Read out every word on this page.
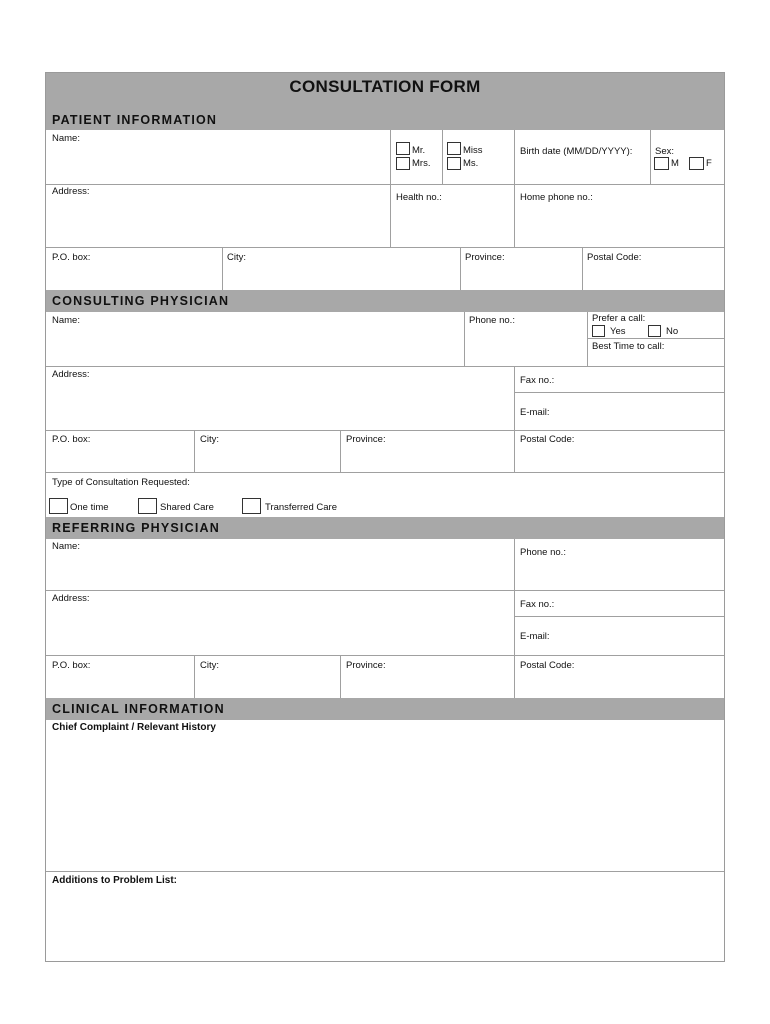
CONSULTATION FORM
PATIENT INFORMATION
Name:
Mr.
Mrs.
Miss
Ms.
Birth date (MM/DD/YYYY): Sex:
M	F
Address:
Health no.:	Home phone no.:
P.O. box:	City:	Province:	Postal Code:
CONSULTING PHYSICIAN
Name:	Phone no.:	Prefer a call:
Yes	No
Best Time to call:
Address:
Fax no.:
E-mail:
P.O. box:	City:	Province:	Postal Code:
Type of Consultation Requested:
One time	Shared Care	Transferred Care
REFERRING PHYSICIAN
Name:
Phone no.:
Address:
Fax no.:
E-mail:
P.O. box:	City:	Province:	Postal Code:
CLINICAL INFORMATION
Chief Complaint / Relevant History
Additions to Problem List:
